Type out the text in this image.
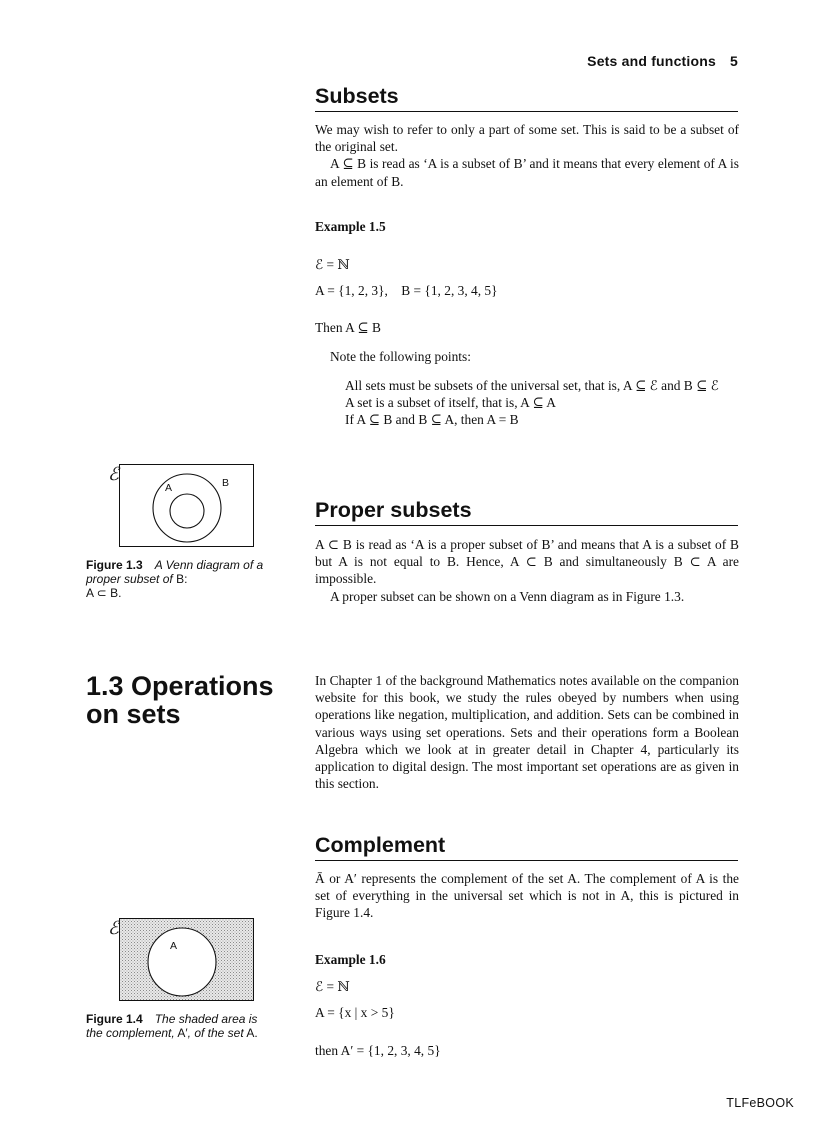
Sets and functions 5
Subsets

We may wish to refer to only a part of some set. This is said to be a subset of the original set.

A ⊆ B is read as ‘A is a subset of B’ and it means that every element of A is an element of B.

Example 1.5
ℰ = ℕ
A = {1, 2, 3},    B = {1, 2, 3, 4, 5}
Then A ⊆ B
Note the following points:
All sets must be subsets of the universal set, that is, A ⊆ ℰ and B ⊆ ℰ
A set is a subset of itself, that is, A ⊆ A
If A ⊆ B and B ⊆ A, then A = B
ℰ
A	B
Figure 1.3 A Venn diagram of a proper subset of B:
A ⊂ B.
Proper subsets

A ⊂ B is read as ‘A is a proper subset of B’ and means that A is a subset of B but A is not equal to B. Hence, A ⊂ B and simultaneously B ⊂ A are impossible.

A proper subset can be shown on a Venn diagram as in Figure 1.3.

1.3 Operations on sets

In Chapter 1 of the background Mathematics notes available on the companion website for this book, we study the rules obeyed by numbers when using operations like negation, multiplication, and addition. Sets can be combined in various ways using set operations. Sets and their operations form a Boolean Algebra which we look at in greater detail in Chapter 4, particularly its application to digital design. The most important set operations are as given in this section.

Complement

Ā or A′ represents the complement of the set A. The complement of A is the set of everything in the universal set which is not in A, this is pictured in Figure 1.4.

Example 1.6
ℰ = ℕ
A = {x | x > 5}
then A′ = {1, 2, 3, 4, 5}
ℰ
A
Figure 1.4 The shaded area is the complement, A′, of the set A.
TLFeBOOK
